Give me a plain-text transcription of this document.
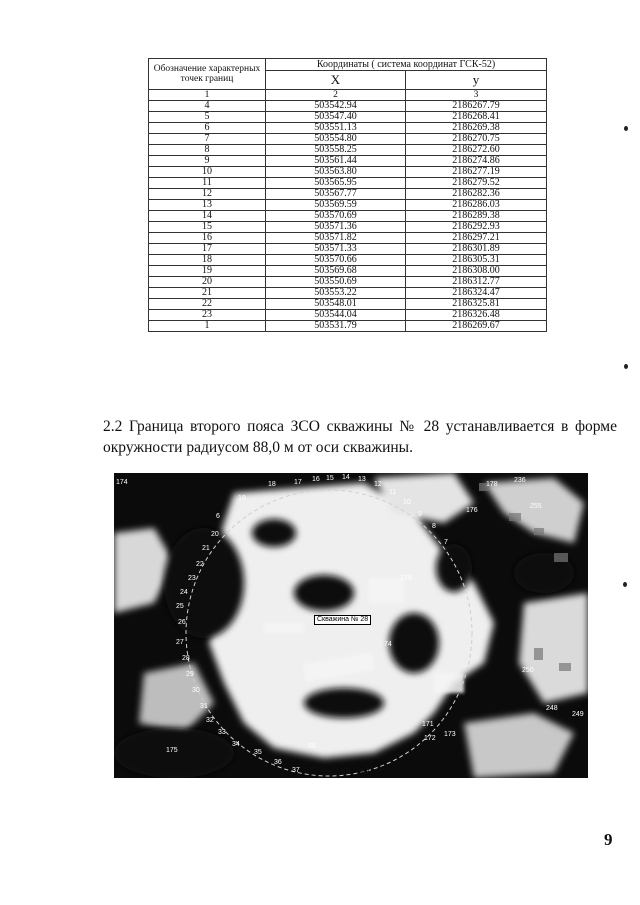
Обозначение характерных точек границ	Координаты ( система координат ГСК-52)	
	X	у
1	2	3
4	503542.94	2186267.79
5	503547.40	2186268.41
6	503551.13	2186269.38
7	503554.80	2186270.75
8	503558.25	2186272.60
9	503561.44	2186274.86
10	503563.80	2186277.19
11	503565.95	2186279.52
12	503567.77	2186282.36
13	503569.59	2186286.03
14	503570.69	2186289.38
15	503571.36	2186292.93
16	503571.82	2186297.21
17	503571.33	2186301.89
18	503570.66	2186305.31
19	503569.68	2186308.00
20	503550.69	2186312.77
21	503553.22	2186324.47
22	503548.01	2186325.81
23	503544.04	2186326.48
1	503531.79	2186269.67

2.2 Граница второго пояса ЗСО скважины № 28 устанавливается в форме окружности радиусом 88,0 м от оси скважины.

174
19
18	17 16 15 14 13
12
11
10
9
8
7
6
20
21
22
23
24
25
26
27
28
29
30
31
32
33
34
35
36
37
175
179
171
172
250
248
249
255
236
178
176
173
65
74
Скважина № 28
37 38 39 40
9
